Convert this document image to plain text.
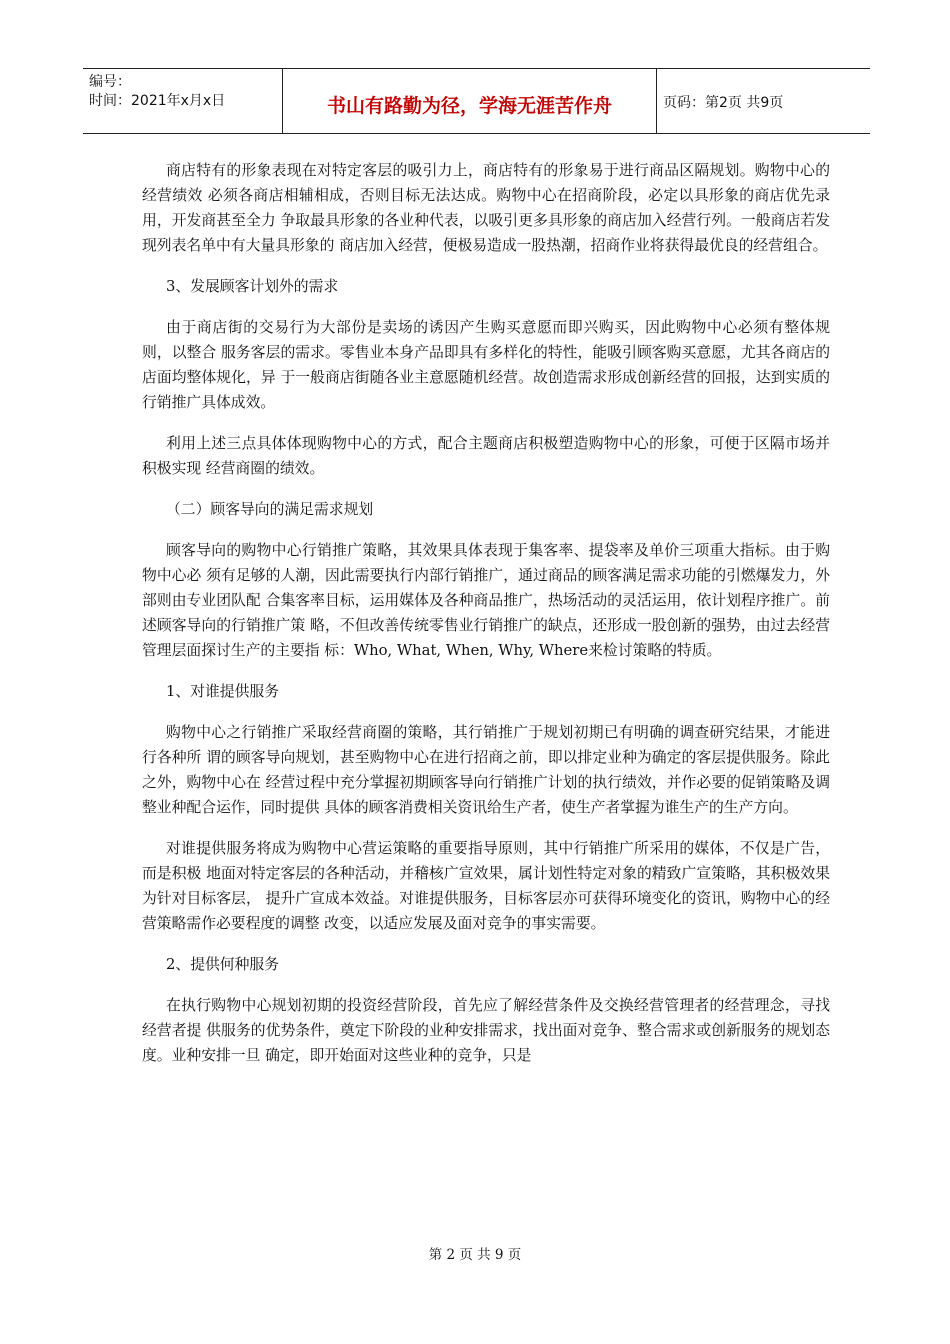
编号：
时间：2021年x月x日	书山有路勤为径，学海无涯苦作舟	页码：第2页 共9页

商店特有的形象表现在对特定客层的吸引力上，商店特有的形象易于进行商品区隔规划。购物中心的经营绩效 必须各商店相辅相成，否则目标无法达成。购物中心在招商阶段，必定以具形象的商店优先录用，开发商甚至全力 争取最具形象的各业种代表，以吸引更多具形象的商店加入经营行列。一般商店若发现列表名单中有大量具形象的 商店加入经营，便极易造成一股热潮，招商作业将获得最优良的经营组合。

3、发展顾客计划外的需求

由于商店街的交易行为大部份是卖场的诱因产生购买意愿而即兴购买，因此购物中心必须有整体规则，以整合 服务客层的需求。零售业本身产品即具有多样化的特性，能吸引顾客购买意愿，尤其各商店的店面均整体规化，异 于一般商店街随各业主意愿随机经营。故创造需求形成创新经营的回报，达到实质的行销推广具体成效。

利用上述三点具体体现购物中心的方式，配合主题商店积极塑造购物中心的形象，可便于区隔市场并积极实现 经营商圈的绩效。

（二）顾客导向的满足需求规划

顾客导向的购物中心行销推广策略，其效果具体表现于集客率、提袋率及单价三项重大指标。由于购物中心必 须有足够的人潮，因此需要执行内部行销推广，通过商品的顾客满足需求功能的引燃爆发力，外部则由专业团队配 合集客率目标，运用媒体及各种商品推广，热场活动的灵活运用，依计划程序推广。前述顾客导向的行销推广策 略，不但改善传统零售业行销推广的缺点，还形成一股创新的强势，由过去经营管理层面探讨生产的主要指 标：Who, What, When, Why, Where来检讨策略的特质。

1、对谁提供服务

购物中心之行销推广采取经营商圈的策略，其行销推广于规划初期已有明确的调查研究结果，才能进行各种所 谓的顾客导向规划，甚至购物中心在进行招商之前，即以排定业种为确定的客层提供服务。除此之外，购物中心在 经营过程中充分掌握初期顾客导向行销推广计划的执行绩效，并作必要的促销策略及调整业种配合运作，同时提供 具体的顾客消费相关资讯给生产者，使生产者掌握为谁生产的生产方向。

对谁提供服务将成为购物中心营运策略的重要指导原则，其中行销推广所采用的媒体，不仅是广告，而是积极 地面对特定客层的各种活动，并稽核广宣效果，属计划性特定对象的精致广宣策略，其积极效果为针对目标客层， 提升广宣成本效益。对谁提供服务，目标客层亦可获得环境变化的资讯，购物中心的经营策略需作必要程度的调整 改变，以适应发展及面对竞争的事实需要。

2、提供何种服务

在执行购物中心规划初期的投资经营阶段，首先应了解经营条件及交换经营管理者的经营理念，寻找经营者提 供服务的优势条件，奠定下阶段的业种安排需求，找出面对竞争、整合需求或创新服务的规划态度。业种安排一旦 确定，即开始面对这些业种的竞争，只是

第 2 页 共 9 页
